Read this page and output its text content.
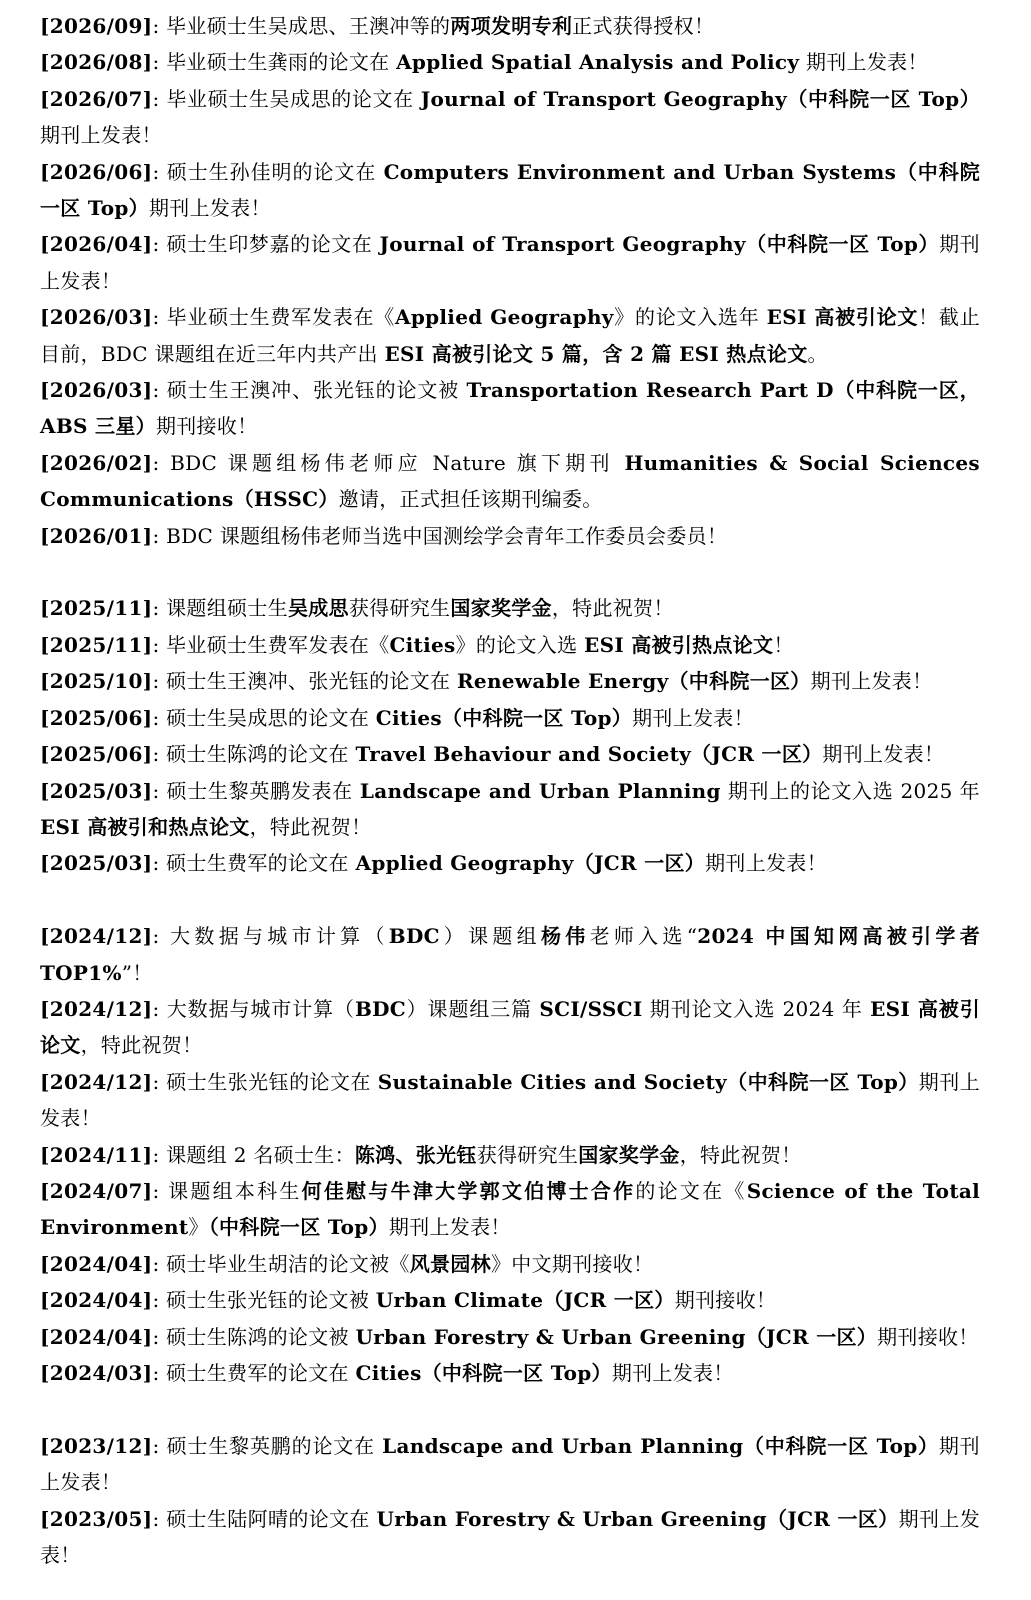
[2026/09]: 毕业硕士生吴成思、王澳冲等的两项发明专利正式获得授权！

[2026/08]: 毕业硕士生龚雨的论文在 Applied Spatial Analysis and Policy 期刊上发表！

[2026/07]: 毕业硕士生吴成思的论文在 Journal of Transport Geography（中科院一区 Top）期刊上发表！

[2026/06]: 硕士生孙佳明的论文在 Computers Environment and Urban Systems（中科院一区 Top）期刊上发表！

[2026/04]: 硕士生印梦嘉的论文在 Journal of Transport Geography（中科院一区 Top）期刊上发表！

[2026/03]: 毕业硕士生费军发表在《Applied Geography》的论文入选年 ESI 高被引论文！截止目前，BDC 课题组在近三年内共产出 ESI 高被引论文 5 篇，含 2 篇 ESI 热点论文。

[2026/03]: 硕士生王澳冲、张光钰的论文被 Transportation Research Part D（中科院一区，ABS 三星）期刊接收！

[2026/02]: BDC 课题组杨伟老师应 Nature 旗下期刊 Humanities & Social Sciences Communications（HSSC）邀请，正式担任该期刊编委。

[2026/01]: BDC 课题组杨伟老师当选中国测绘学会青年工作委员会委员！

[2025/11]: 课题组硕士生吴成思获得研究生国家奖学金，特此祝贺！

[2025/11]: 毕业硕士生费军发表在《Cities》的论文入选 ESI 高被引热点论文！

[2025/10]: 硕士生王澳冲、张光钰的论文在 Renewable Energy（中科院一区）期刊上发表！

[2025/06]: 硕士生吴成思的论文在 Cities（中科院一区 Top）期刊上发表！

[2025/06]: 硕士生陈鸿的论文在 Travel Behaviour and Society（JCR 一区）期刊上发表！

[2025/03]: 硕士生黎英鹏发表在 Landscape and Urban Planning 期刊上的论文入选 2025 年 ESI 高被引和热点论文，特此祝贺！

[2025/03]: 硕士生费军的论文在 Applied Geography（JCR 一区）期刊上发表！

[2024/12]: 大数据与城市计算（BDC）课题组杨伟老师入选“2024 中国知网高被引学者 TOP1%”！

[2024/12]: 大数据与城市计算（BDC）课题组三篇 SCI/SSCI 期刊论文入选 2024 年 ESI 高被引论文，特此祝贺！

[2024/12]: 硕士生张光钰的论文在 Sustainable Cities and Society（中科院一区 Top）期刊上发表！

[2024/11]: 课题组 2 名硕士生：陈鸿、张光钰获得研究生国家奖学金，特此祝贺！

[2024/07]: 课题组本科生何佳慰与牛津大学郭文伯博士合作的论文在《Science of the Total Environment》（中科院一区 Top）期刊上发表！

[2024/04]: 硕士毕业生胡洁的论文被《风景园林》中文期刊接收！

[2024/04]: 硕士生张光钰的论文被 Urban Climate（JCR 一区）期刊接收！

[2024/04]: 硕士生陈鸿的论文被 Urban Forestry & Urban Greening（JCR 一区）期刊接收！

[2024/03]: 硕士生费军的论文在 Cities（中科院一区 Top）期刊上发表！

[2023/12]: 硕士生黎英鹏的论文在 Landscape and Urban Planning（中科院一区 Top）期刊上发表！

[2023/05]: 硕士生陆阿晴的论文在 Urban Forestry & Urban Greening（JCR 一区）期刊上发表！
